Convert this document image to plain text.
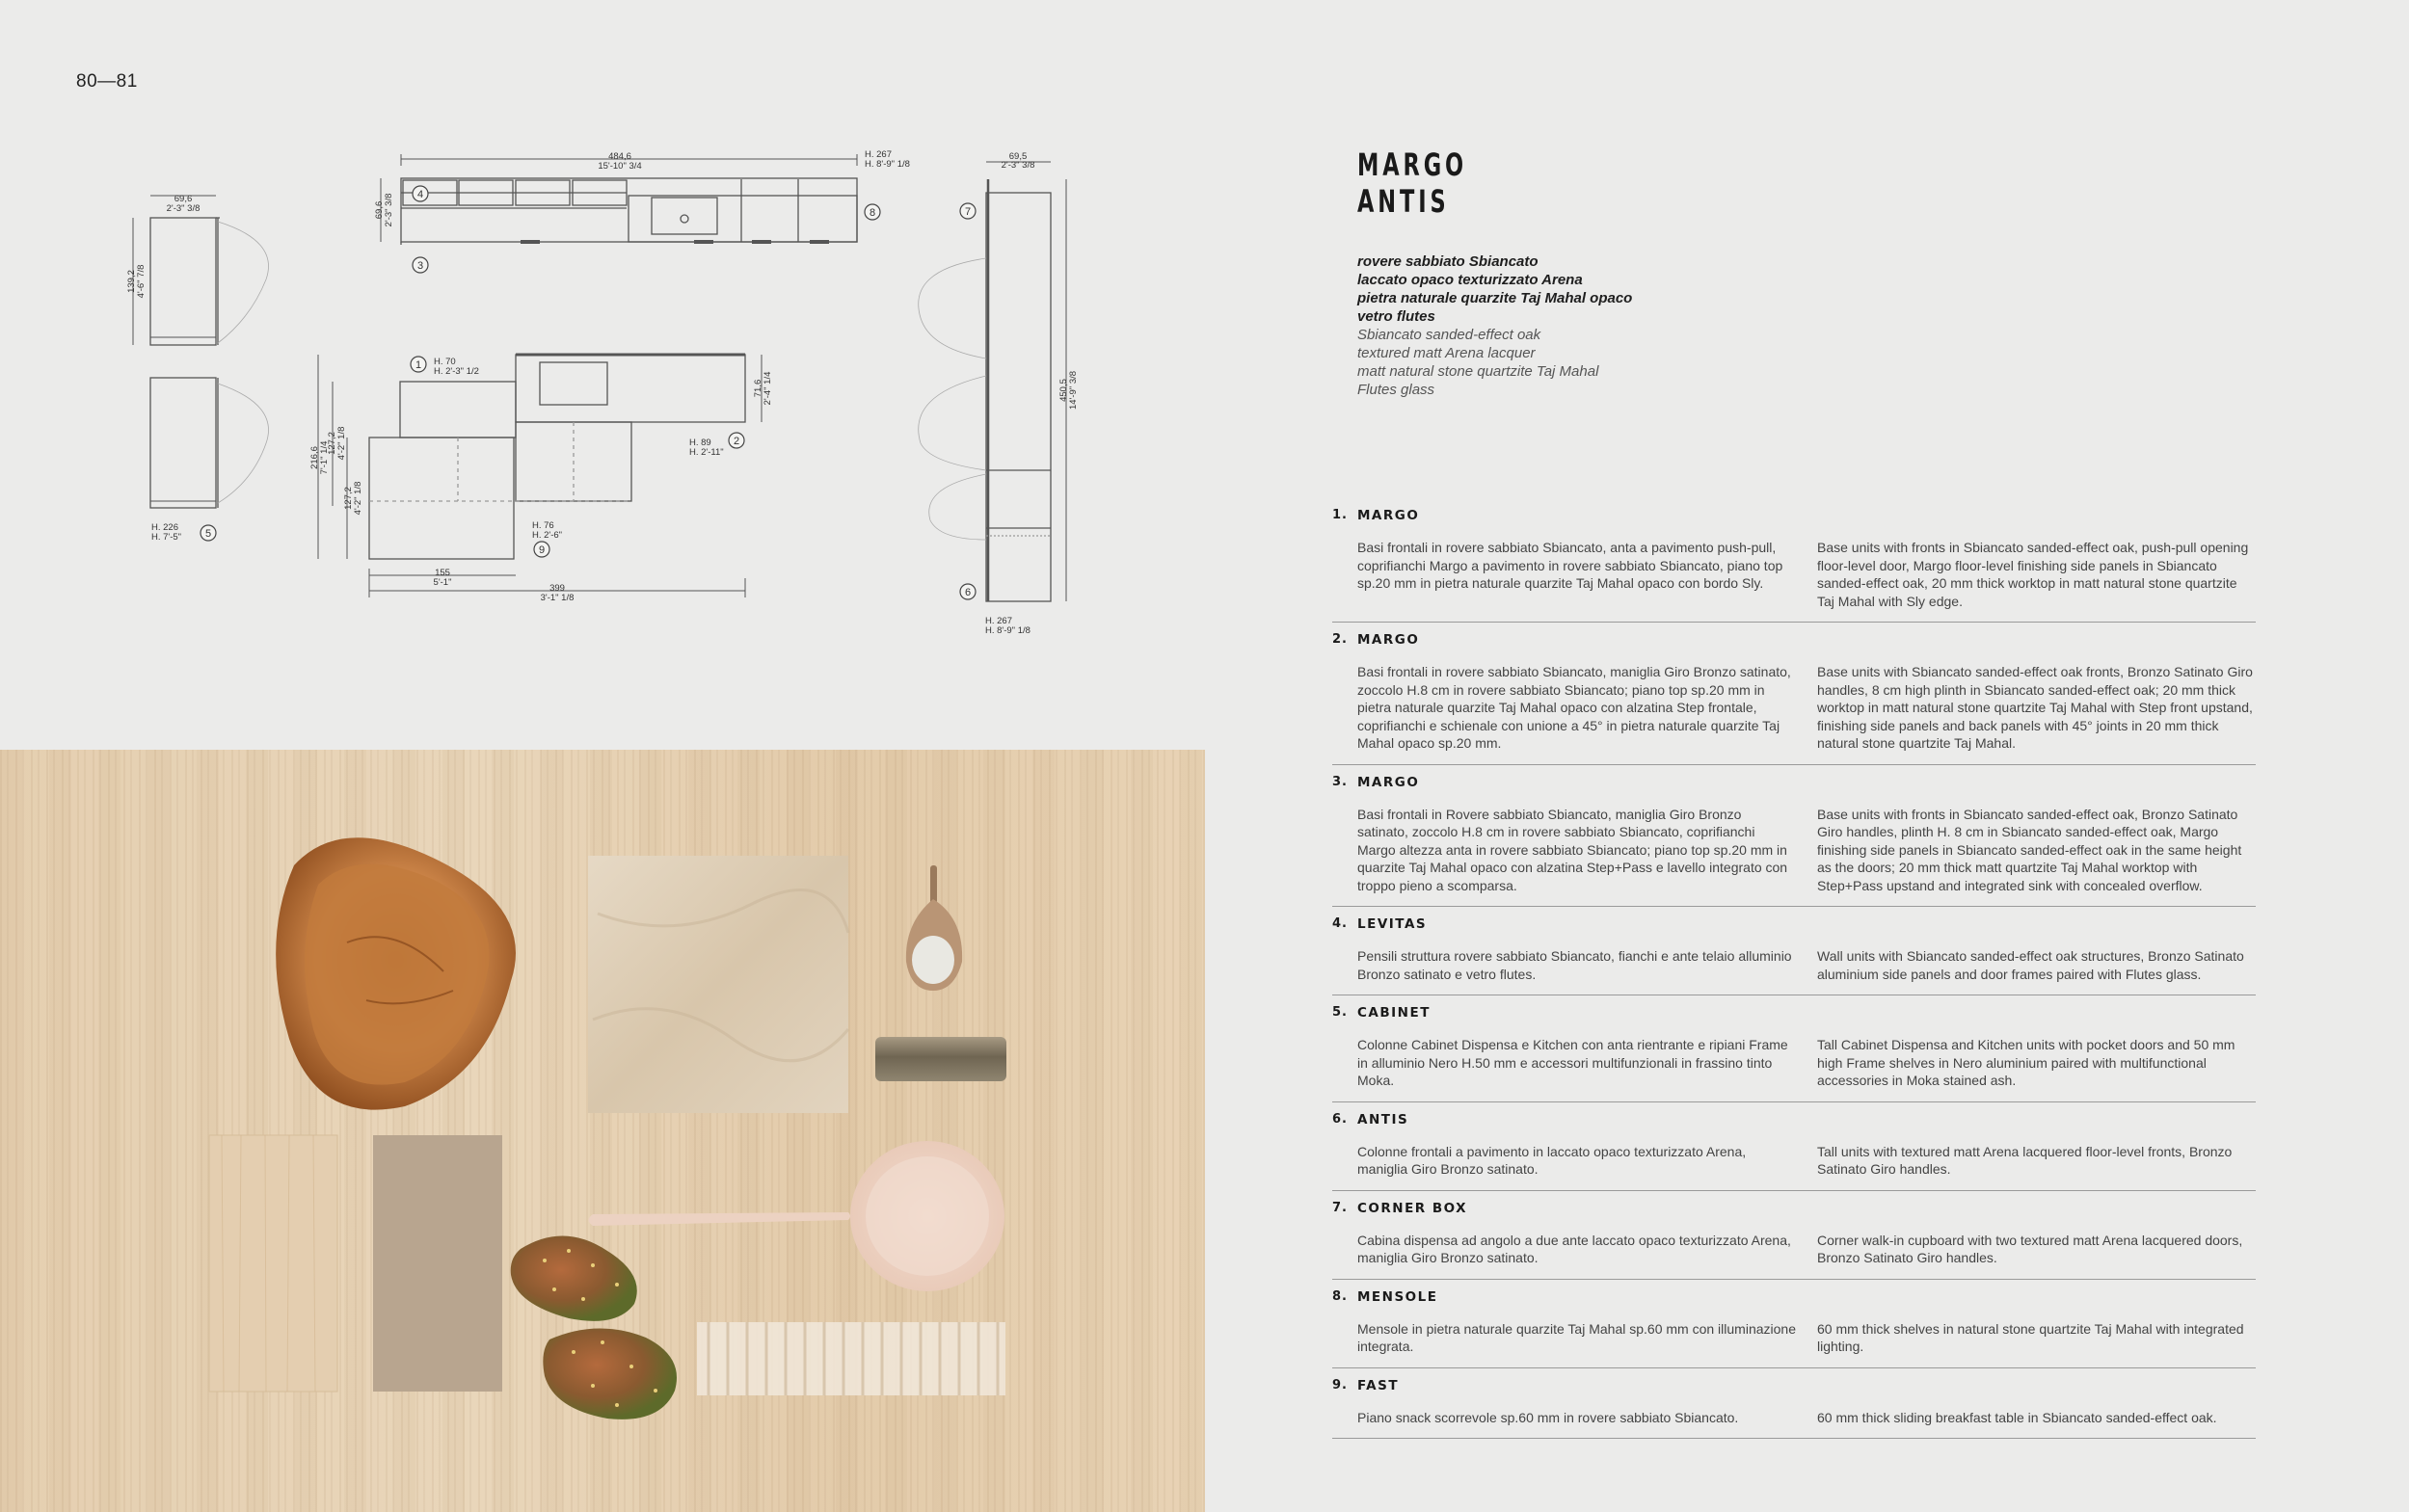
80—81
4
8
3
1
2
5
9
7
6
484,6
15'-10" 3/4
H. 267
H. 8'-9" 1/8
69,6
2'-3" 3/8	69,6 2'-3" 3/8
139,2 4'-6" 7/8
69,5
2'-3" 3/8
450,5 14'-9" 3/8
H. 70
H. 2'-3" 1/2
71,6 2'-4" 1/4
H. 89
H. 2'-11"
216,6 7'-1" 1/4
127,2 4'-2" 1/8
127,2 4'-2" 1/8
H. 226
H. 7'-5"
H. 76
H. 2'-6"
155
5'-1"
399
3'-1" 1/8
H. 267
H. 8'-9" 1/8
MARGO
ANTIS
rovere sabbiato Sbiancato
laccato opaco texturizzato Arena
pietra naturale quarzite Taj Mahal opaco
vetro flutes
Sbiancato sanded-effect oak
textured matt Arena lacquer
matt natural stone quartzite Taj Mahal
Flutes glass
1. MARGO
Basi frontali in rovere sabbiato Sbiancato, anta a pavimento push-pull, coprifianchi Margo a pavimento in rovere sabbiato Sbiancato, piano top sp.20 mm in pietra naturale quarzite Taj Mahal opaco con bordo Sly.
Base units with fronts in Sbiancato sanded-effect oak, push-pull opening floor-level door, Margo floor-level finishing side panels in Sbiancato sanded-effect oak, 20 mm thick worktop in matt natural stone quartzite Taj Mahal with Sly edge.
2. MARGO
Basi frontali in rovere sabbiato Sbiancato, maniglia Giro Bronzo satinato, zoccolo H.8 cm in rovere sabbiato Sbiancato; piano top sp.20 mm in pietra naturale quarzite Taj Mahal opaco con alzatina Step frontale, coprifianchi e schienale con unione a 45° in pietra naturale quarzite Taj Mahal opaco sp.20 mm.
Base units with Sbiancato sanded-effect oak fronts, Bronzo Satinato Giro handles, 8 cm high plinth in Sbiancato sanded-effect oak; 20 mm thick worktop in matt natural stone quartzite Taj Mahal with Step front upstand, finishing side panels and back panels with 45° joints in 20 mm thick natural stone quartzite Taj Mahal.
3. MARGO
Basi frontali in Rovere sabbiato Sbiancato, maniglia Giro Bronzo satinato, zoccolo H.8 cm in rovere sabbiato Sbiancato, coprifianchi Margo altezza anta in rovere sabbiato Sbiancato; piano top sp.20 mm in quarzite Taj Mahal opaco con alzatina Step+Pass e lavello integrato con troppo pieno a scomparsa.
Base units with fronts in Sbiancato sanded-effect oak, Bronzo Satinato Giro handles, plinth H. 8 cm in Sbiancato sanded-effect oak, Margo finishing side panels in Sbiancato sanded-effect oak in the same height as the doors; 20 mm thick matt quartzite Taj Mahal worktop with Step+Pass upstand and integrated sink with concealed overflow.
4. LEVITAS
Pensili struttura rovere sabbiato Sbiancato, fianchi e ante telaio alluminio Bronzo satinato e vetro flutes.
Wall units with Sbiancato sanded-effect oak structures, Bronzo Satinato aluminium side panels and door frames paired with Flutes glass.
5. CABINET
Colonne Cabinet Dispensa e Kitchen con anta rientrante e ripiani Frame in alluminio Nero H.50 mm e accessori multifunzionali in frassino tinto Moka.
Tall Cabinet Dispensa and Kitchen units with pocket doors and 50 mm high Frame shelves in Nero aluminium paired with multifunctional accessories in Moka stained ash.
6. ANTIS
Colonne frontali a pavimento in laccato opaco texturizzato Arena, maniglia Giro Bronzo satinato.
Tall units with textured matt Arena lacquered floor-level fronts, Bronzo Satinato Giro handles.
7. CORNER BOX
Cabina dispensa ad angolo a due ante laccato opaco texturizzato Arena, maniglia Giro Bronzo satinato.
Corner walk-in cupboard with two textured matt Arena lacquered doors, Bronzo Satinato Giro handles.
8. MENSOLE
Mensole in pietra naturale quarzite Taj Mahal sp.60 mm con illuminazione integrata.
60 mm thick shelves in natural stone quartzite Taj Mahal with integrated lighting.
9. FAST
Piano snack scorrevole sp.60 mm in rovere sabbiato Sbiancato.	60 mm thick sliding breakfast table in Sbiancato sanded-effect oak.
